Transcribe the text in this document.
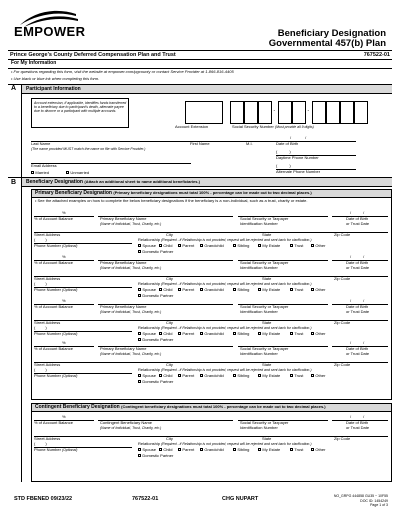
EMPOWER	Beneficiary Designation
Governmental 457(b) Plan
Prince George's County Deferred Compensation Plan and Trust	767522-01
For My Information
• For questions regarding this form, visit the website at empower.com/pgcounty or contact Service Provider at 1-866-816-4405
• Use black or blue ink when completing this form.
A Participant Information
Account extension, if applicable, identifies funds transferred to a beneficiary due to participant's death, alternate payee due to divorce or a participant with multiple accounts.
Account Extension
-	-
Social Security Number (Must provide all 9 digits)
Last Name
(The name provided MUST match the name on file with Service Provider.)
First Name	M.I.
/	/
Date of Birth
(	)
Daytime Phone Number
Email Address	(	)
Alternate Phone Number
Married	Unmarried
B Beneficiary Designation (Attach an additional sheet to name additional beneficiaries.)
Primary Beneficiary Designation (Primary beneficiary designations must total 100% - percentage can be made out to two decimal places.)
• See the attached examples on how to complete the below beneficiary designations if the beneficiary is a non-individual, such as a trust, charity or estate.
%	/	/
% of Account Balance	Primary Beneficiary Name
(Name of Individual, Trust, Charity, etc.)
Social Security or Taxpayer
Identification Number
Date of Birth
or Trust Date
Street Address	City	State	Zip Code
Relationship (Required - if Relationship is not provided, request will be rejected and sent back for clarification.)
(	)
Phone Number (Optional)	Spouse	Child	Parent	Grandchild	Sibling	My Estate	Trust	Other
Domestic Partner
%	/	/
% of Account Balance	Primary Beneficiary Name
(Name of Individual, Trust, Charity, etc.)
Social Security or Taxpayer
Identification Number
Date of Birth
or Trust Date
Street Address	City	State	Zip Code
Relationship (Required - if Relationship is not provided, request will be rejected and sent back for clarification.)
(	)
Phone Number (Optional)	Spouse	Child	Parent	Grandchild	Sibling	My Estate	Trust	Other
Domestic Partner
%	/	/
% of Account Balance	Primary Beneficiary Name
(Name of Individual, Trust, Charity, etc.)
Social Security or Taxpayer
Identification Number
Date of Birth
or Trust Date
Street Address	City	State	Zip Code
Relationship (Required - if Relationship is not provided, request will be rejected and sent back for clarification.)
(	)
Phone Number (Optional)	Spouse	Child	Parent	Grandchild	Sibling	My Estate	Trust	Other
Domestic Partner
%	/	/
% of Account Balance	Primary Beneficiary Name
(Name of Individual, Trust, Charity, etc.)
Social Security or Taxpayer
Identification Number
Date of Birth
or Trust Date
Street Address	City	State	Zip Code
Relationship (Required - if Relationship is not provided, request will be rejected and sent back for clarification.)
(	)
Phone Number (Optional)	Spouse	Child	Parent	Grandchild	Sibling	My Estate	Trust	Other
Domestic Partner
Contingent Beneficiary Designation (Contingent beneficiary designations must total 100% - percentage can be made out to two decimal places.)
%	/	/
% of Account Balance	Contingent Beneficiary Name
(Name of Individual, Trust, Charity, etc.)
Social Security or Taxpayer
Identification Number
Date of Birth
or Trust Date
Street Address	City	State	Zip Code
Relationship (Required - if Relationship is not provided, request will be rejected and sent back for clarification.)
(	)
Phone Number (Optional)	Spouse	Child	Parent	Grandchild	Sibling	My Estate	Trust	Other
Domestic Partner
STD FBENED 09/23/22	767522-01	CHG NUPART	NO_GRPG 444858 GU35 ~ 10F55
DOC ID: 1454249
Page 1 of 3
